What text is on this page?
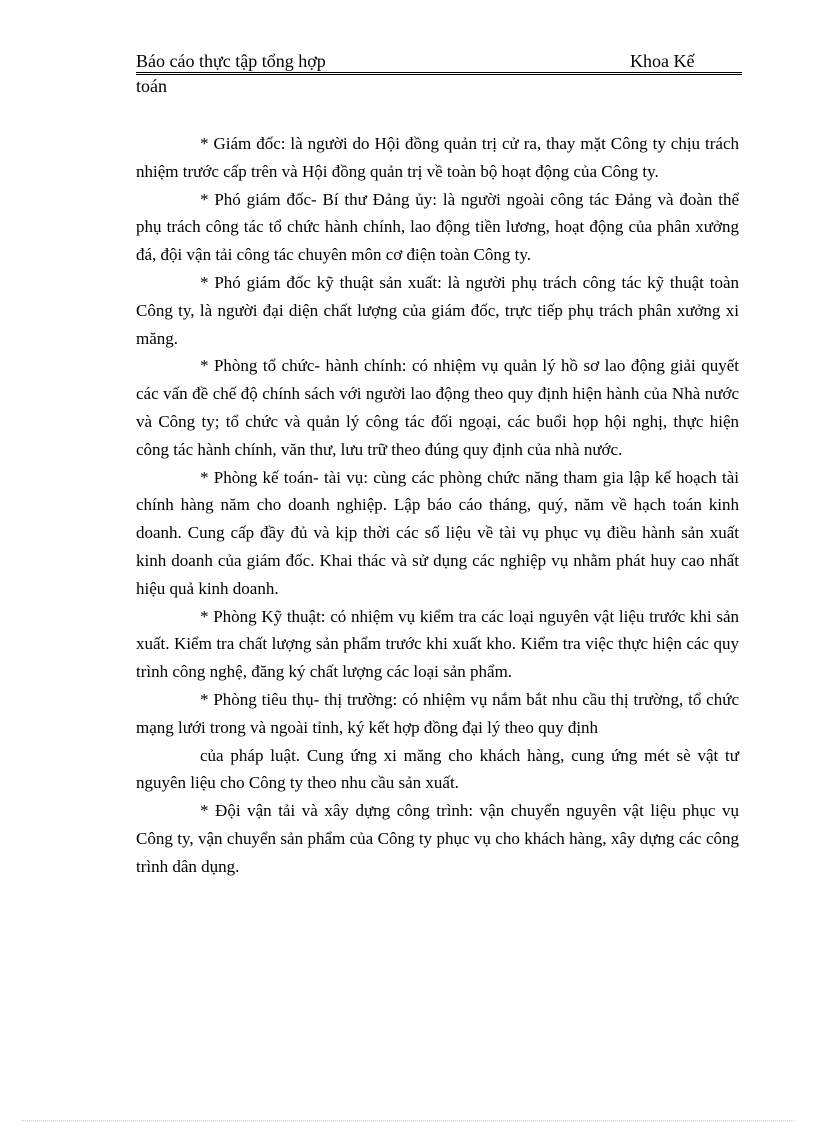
Báo cáo thực tập tổng hợp	Khoa Kế
toán

* Giám đốc: là người do Hội đồng quản trị cử ra, thay mặt Công ty chịu trách nhiệm trước cấp trên và Hội đồng quản trị về toàn bộ hoạt động của Công ty.

* Phó giám đốc- Bí thư Đảng ủy: là người ngoài công tác Đảng và đoàn thể phụ trách công tác tổ chức hành chính, lao động tiền lương, hoạt động của phân xưởng đá, đội vận tải công tác chuyên môn cơ điện toàn Công ty.

* Phó giám đốc kỹ thuật sản xuất: là người phụ trách công tác kỹ thuật toàn Công ty, là người đại diện chất lượng của giám đốc, trực tiếp phụ trách phân xưởng xi măng.

* Phòng tổ chức- hành chính: có nhiệm vụ quản lý hồ sơ lao động giải quyết các vấn đề chế độ chính sách với người lao động theo quy định hiện hành của Nhà nước và Công ty; tổ chức và quản lý công tác đối ngoại, các buổi họp hội nghị, thực hiện công tác hành chính, văn thư, lưu trữ theo đúng quy định của nhà nước.

* Phòng kế toán- tài vụ: cùng các phòng chức năng tham gia lập kế hoạch tài chính hàng năm cho doanh nghiệp. Lập báo cáo tháng, quý, năm về hạch toán kinh doanh. Cung cấp đầy đủ và kịp thời các số liệu về tài vụ phục vụ điều hành sản xuất kinh doanh của giám đốc. Khai thác và sử dụng các nghiệp vụ nhằm phát huy cao nhất hiệu quả kinh doanh.

* Phòng Kỹ thuật: có nhiệm vụ kiểm tra các loại nguyên vật liệu trước khi sản xuất. Kiểm tra chất lượng sản phẩm trước khi xuất kho. Kiểm tra việc thực hiện các quy trình công nghệ, đăng ký chất lượng các loại sản phẩm.

* Phòng tiêu thụ- thị trường: có nhiệm vụ nắm bắt nhu cầu thị trường, tổ chức mạng lưới trong và ngoài tỉnh, ký kết hợp đồng đại lý theo quy định

của pháp luật. Cung ứng xi măng cho khách hàng, cung ứng mét sè vật tư nguyên liệu cho Công ty theo nhu cầu sản xuất.

* Đội vận tải và xây dựng công trình: vận chuyển nguyên vật liệu phục vụ Công ty, vận chuyển sản phẩm của Công ty phục vụ cho khách hàng, xây dựng các công trình dân dụng.
